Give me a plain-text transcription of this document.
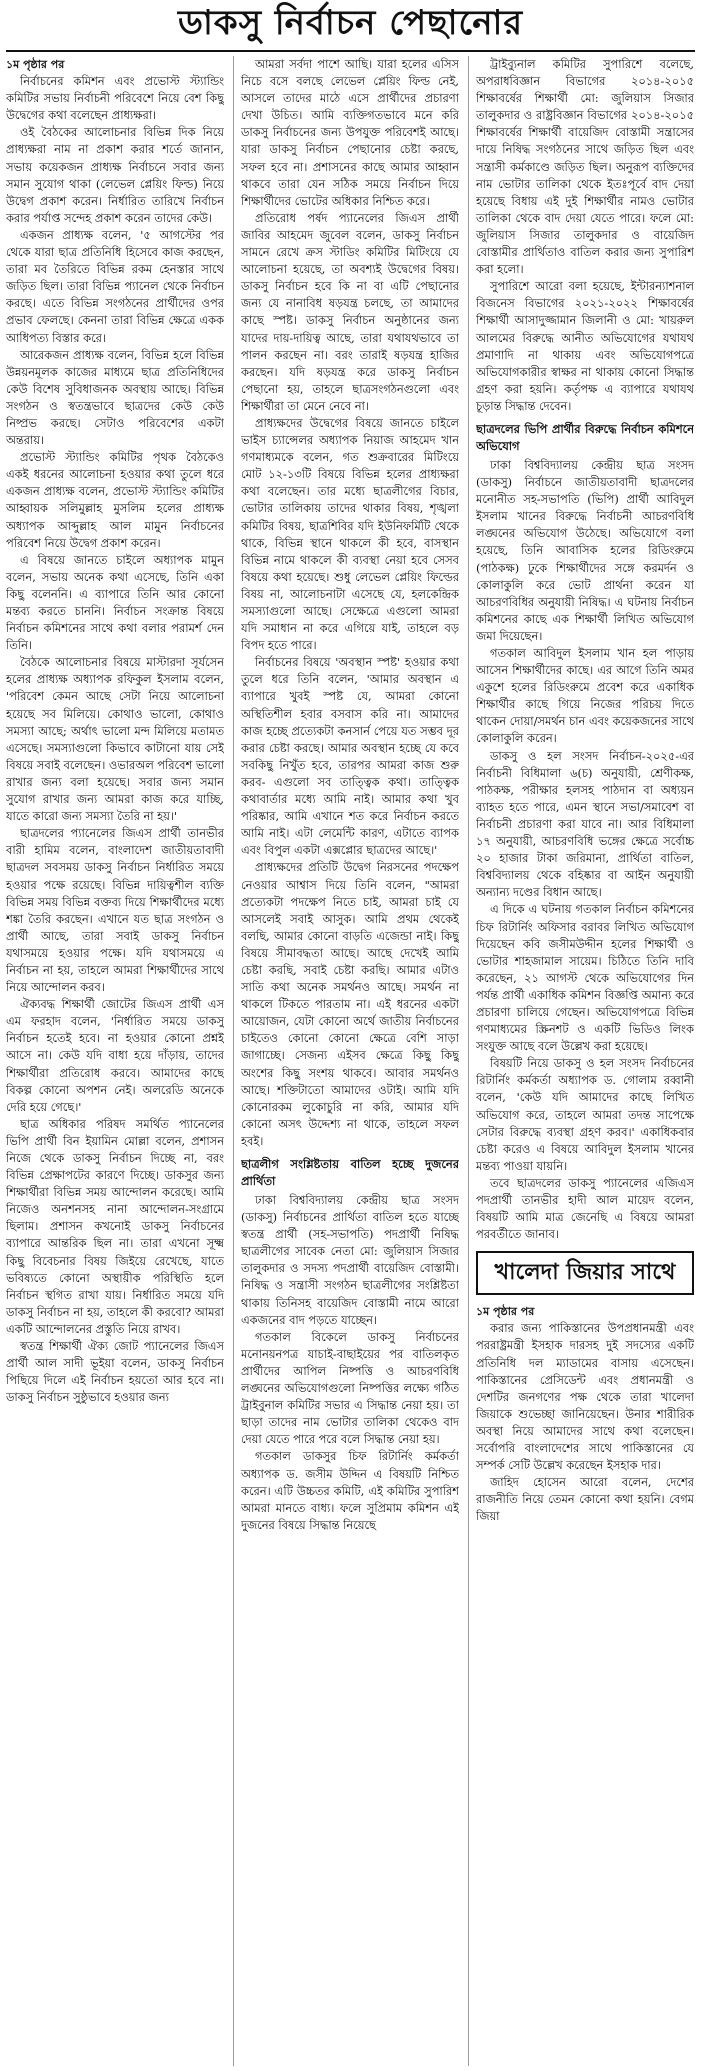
ডাকসু নির্বাচন পেছানোর

১ম পৃষ্ঠার পর

নির্বাচনের কমিশন এবং প্রভোস্ট স্ট্যান্ডিং কমিটির সভায় নির্বাচনী পরিবেশে নিয়ে বেশ কিছু উদ্বেগের কথা বলেছেন প্রাধ্যক্ষরা।

ওই বৈঠকের আলোচনার বিভিন্ন দিক নিয়ে প্রাধ্যক্ষরা নাম না প্রকাশ করার শর্তে জানান, সভায় কয়েকজন প্রাধ্যক্ষ নির্বাচনে সবার জন্য সমান সুযোগ থাকা (লেভেল প্লেয়িং ফিল্ড) নিয়ে উদ্বেগ প্রকাশ করেন। নির্ধারিত তারিখে নির্বাচন করার পর্যাপ্ত সন্দেহ প্রকাশ করেন তাদের কেউ।

একজন প্রাধ্যক্ষ বলেন, '৫ আগস্টের পর থেকে যারা ছাত্র প্রতিনিধি হিসেবে কাজ করছেন, তারা মব তৈরিতে বিভিন্ন রকম হেনস্তার সাথে জড়িত ছিল। তারা বিভিন্ন প্যানেল থেকে নির্বাচন করছে। এতে বিভিন্ন সংগঠনের প্রার্থীদের ওপর প্রভাব ফেলছে। কেননা তারা বিভিন্ন ক্ষেত্রে একক আধিপত্য বিস্তার করে।

আরেকজন প্রাধ্যক্ষ বলেন, বিভিন্ন হলে বিভিন্ন উন্নয়নমূলক কাজের মাধ্যমে ছাত্র প্রতিনিধিদের কেউ বিশেষ সুবিধাজনক অবস্থায় আছে। বিভিন্ন সংগঠন ও স্বতন্ত্রভাবে ছাত্রদের কেউ কেউ নিষ্প্রভ করছে। সেটাও পরিবেশের একটা অন্তরায়।

প্রভোস্ট স্ট্যান্ডিং কমিটির পৃথক বৈঠকেও একই ধরনের আলোচনা হওয়ার কথা তুলে ধরে একজন প্রাধ্যক্ষ বলেন, প্রভোস্ট স্ট্যান্ডিং কমিটির আহ্বায়ক সলিমুল্লাহ মুসলিম হলের প্রাধ্যক্ষ অধ্যাপক আব্দুল্লাহ আল মামুন নির্বাচনের পরিবেশ নিয়ে উদ্বেগ প্রকাশ করেন।

এ বিষয়ে জানতে চাইলে অধ্যাপক মামুন বলেন, সভায় অনেক কথা এসেছে, তিনি একা কিছু বলেননি। এ ব্যাপারে তিনি আর কোনো মন্তব্য করতে চাননি। নির্বাচন সংক্রান্ত বিষয়ে নির্বাচন কমিশনের সাথে কথা বলার পরামর্শ দেন তিনি।

বৈঠকে আলোচনার বিষয়ে মাস্টারদা সূর্যসেন হলের প্রাধ্যক্ষ অধ্যাপক রফিকুল ইসলাম বলেন, 'পরিবেশ কেমন আছে সেটা নিয়ে আলোচনা হয়েছে সব মিলিয়ে। কোথাও ভালো, কোথাও সমস্যা আছে; অর্থাৎ ভালো মন্দ মিলিয়ে মতামত এসেছে। সমস্যাগুলো কিভাবে কাটানো যায় সেই বিষয়ে সবাই বলেছেন। ওভারঅল পরিবেশ ভালো রাখার জন্য বলা হয়েছে। সবার জন্য সমান সুযোগ রাখার জন্য আমরা কাজ করে যাচ্ছি, যাতে কারো জন্য সমস্যা তৈরি না হয়।'

ছাত্রদলের প্যানেলের জিএস প্রার্থী তানভীর বারী হামিম বলেন, বাংলাদেশ জাতীয়তাবাদী ছাত্রদল সবসময় ডাকসু নির্বাচন নির্ধারিত সময়ে হওয়ার পক্ষে রয়েছে। বিভিন্ন দায়িত্বশীল ব্যক্তি বিভিন্ন সময় বিভিন্ন বক্তব্য দিয়ে শিক্ষার্থীদের মধ্যে শঙ্কা তৈরি করছেন। এখানে যত ছাত্র সংগঠন ও প্রার্থী আছে, তারা সবাই ডাকসু নির্বাচন যথাসময়ে হওয়ার পক্ষে। যদি যথাসময়ে এ নির্বাচন না হয়, তাহলে আমরা শিক্ষার্থীদের সাথে নিয়ে আন্দোলন করব।

ঐক্যবদ্ধ শিক্ষার্থী জোটের জিএস প্রার্থী এস এম ফরহাদ বলেন, 'নির্ধারিত সময়ে ডাকসু নির্বাচন হতেই হবে। না হওয়ার কোনো প্রশ্নই আসে না। কেউ যদি বাধা হয়ে দাঁড়ায়, তাদের শিক্ষার্থীরা প্রতিরোধ করবে। আমাদের কাছে বিকল্প কোনো অপশন নেই। অলরেডি অনেকে দেরি হয়ে গেছে।'

ছাত্র অধিকার পরিষদ সমর্থিত প্যানেলের ভিপি প্রার্থী বিন ইয়ামিন মোল্লা বলেন, প্রশাসন নিজে থেকে ডাকসু নির্বাচন দিচ্ছে না, বরং বিভিন্ন প্রেক্ষাপটের কারণে দিচ্ছে। ডাকসুর জন্য শিক্ষার্থীরা বিভিন্ন সময় আন্দোলন করেছে। আমি নিজেও অনশনসহ নানা আন্দোলন-সংগ্রামে ছিলাম। প্রশাসন কখনোই ডাকসু নির্বাচনের ব্যাপারে আন্তরিক ছিল না। তারা এখনো সূক্ষ্ম কিছু বিবেচনার বিষয় জিইয়ে রেখেছে, যাতে ভবিষ্যতে কোনো অস্থায়ীক পরিস্থিতি হলে নির্বাচন স্থগিত রাখা যায়। নির্ধারিত সময়ে যদি ডাকসু নির্বাচন না হয়, তাহলে কী করবো? আমরা একটি আন্দোলনের প্রস্তুতি নিয়ে রাখব।

স্বতন্ত্র শিক্ষার্থী ঐক্য জোট প্যানেলের জিএস প্রার্থী আল সাদী ভূইয়া বলেন, ডাকসু নির্বাচন পিছিয়ে দিলে এই নির্বাচন হয়তো আর হবে না। ডাকসু নির্বাচন সুষ্ঠুভাবে হওয়ার জন্য

আমরা সর্বদা পাশে আছি। যারা হলের এসিস নিচে বসে বলছে লেভেল প্লেয়িং ফিল্ড নেই, আসলে তাদের মাঠে এসে প্রার্থীদের প্রচারণা দেখা উচিত। আমি ব্যক্তিগতভাবে মনে করি ডাকসু নির্বাচনের জন্য উপযুক্ত পরিবেশই আছে। যারা ডাকসু নির্বাচন পেছানোর চেষ্টা করছে, সফল হবে না। প্রশাসনের কাছে আমার আহ্বান থাকবে তারা যেন সঠিক সময়ে নির্বাচন দিয়ে শিক্ষার্থীদের ভোটের অধিকার নিশ্চিত করে।

প্রতিরোধ পর্ষদ প্যানেলের জিএস প্রার্থী জাবির আহমেদ জুবেল বলেন, ডাকসু নির্বাচন সামনে রেখে ক্রস স্টাডিং কমিটির মিটিংয়ে যে আলোচনা হয়েছে, তা অবশ্যই উদ্বেগের বিষয়। ডাকসু নির্বাচন হবে কি না বা এটি পেছানোর জন্য যে নানাবিধ ষড়যন্ত্র চলছে, তা আমাদের কাছে স্পষ্ট। ডাকসু নির্বাচন অনুষ্ঠানের জন্য যাদের দায়-দায়িত্ব আছে, তারা যথাযথভাবে তা পালন করছেন না। বরং তারাই ষড়যন্ত্র হাজির করছেন। যদি ষড়যন্ত্র করে ডাকসু নির্বাচন পেছানো হয়, তাহলে ছাত্রসংগঠনগুলো এবং শিক্ষার্থীরা তা মেনে নেবে না।

প্রাধ্যক্ষদের উদ্বেগের বিষয়ে জানতে চাইলে ভাইস চ্যান্সেলর অধ্যাপক নিয়াজ আহমেদ খান গণমাধ্যমকে বলেন, গত শুক্রবারের মিটিংয়ে মোট ১২-১৩টি বিষয়ে বিভিন্ন হলের প্রাধ্যক্ষরা কথা বলেছেন। তার মধ্যে ছাত্রলীগের বিচার, ভোটার তালিকায় তাদের থাকার বিষয়, শৃঙ্খলা কমিটির বিষয়, ছাত্রশিবির যদি ইউনিফর্মিটি থেকে থাকে, বিভিন্ন স্থানে থাকলে কী হবে, বাসস্থান বিভিন্ন নামে থাকলে কী ব্যবস্থা নেয়া হবে সেসব বিষয়ে কথা হয়েছে। শুধু লেভেল প্লেয়িং ফিল্ডের বিষয় না, আলোচনাটা এসেছে যে, হলকেন্দ্রিক সমস্যাগুলো আছে। সেক্ষেত্রে এগুলো আমরা যদি সমাধান না করে এগিয়ে যাই, তাহলে বড় বিপদ হতে পারে।

নির্বাচনের বিষয়ে 'অবস্থান স্পষ্ট' হওয়ার কথা তুলে ধরে তিনি বলেন, 'আমার অবস্থান এ ব্যাপারে খুবই স্পষ্ট যে, আমরা কোনো অস্থিতিশীল হবার বসবাস করি না। আমাদের কাজ হচ্ছে প্রত্যেকটা কনসার্ন পেয়ে যত সম্ভব দূর করার চেষ্টা করছে। আমার অবস্থান হচ্ছে যে কবে সবকিছু নিখুঁত হবে, তারপর আমরা কাজ শুরু করব- এগুলো সব তাত্ত্বিক কথা। তাত্ত্বিক কথাবার্তার মধ্যে আমি নাই। আমার কথা খুব পরিষ্কার, আমি এখানে শত করে নির্বাচন করতে আমি নাই। এটা লেমেন্টি কারণ, এটাতে ব্যাপক এবং বিপুল একটা এক্সপ্লোর ছাত্রদের আছে।'

প্রাধ্যক্ষদের প্রতিটি উদ্বেগ নিরসনের পদক্ষেপ নেওয়ার আশ্বাস দিয়ে তিনি বলেন, "আমরা প্রত্যেকটা পদক্ষেপ নিতে চাই, আমরা চাই যে আসলেই সবাই আসুক। আমি প্রথম থেকেই বলছি, আমার কোনো বাড়তি এজেন্ডা নাই। কিছু বিষয়ে সীমাবদ্ধতা আছে। আছে দেখেই আমি চেষ্টা করছি, সবাই চেষ্টা করছি। আমার এটাও সাতি কথা অনেক সমর্থনও আছে। সমর্থন না থাকলে টিকতে পারতাম না। এই ধরনের একটা আয়োজন, যেটা কোনো অর্থে জাতীয় নির্বাচনের চাইতেও কোনো কোনো ক্ষেত্রে বেশি সাড়া জাগাচ্ছে। সেজন্য এইসব ক্ষেত্রে কিছু কিছু অংশের কিছু সংশয় থাকবে। আবার সমর্থনও আছে। শক্তিটাতো আমাদের ওটাই। আমি যদি কোনোরকম লুকোচুরি না করি, আমার যদি কোনো অসৎ উদ্দেশ্য না থাকে, তাহলে সফল হবই।

ছাত্রলীগ সংশ্লিষ্টতায় বাতিল হচ্ছে দুজনের প্রার্থিতা

ঢাকা বিশ্ববিদ্যালয় কেন্দ্রীয় ছাত্র সংসদ (ডাকসু) নির্বাচনের প্রার্থিতা বাতিল হতে যাচ্ছে স্বতন্ত্র প্রার্থী (সহ-সভাপতি) পদপ্রার্থী নিষিদ্ধ ছাত্রলীগের সাবেক নেতা মো: জুলিয়াস সিজার তালুকদার ও সদস্য পদপ্রার্থী বায়েজিদ বোস্তামী। নিষিদ্ধ ও সন্ত্রাসী সংগঠন ছাত্রলীগের সংশ্লিষ্টতা থাকায় তিনিসহ বায়েজিদ বোস্তামী নামে আরো একজনের বাদ পড়তে যাচ্ছেন।

গতকাল বিকেলে ডাকসু নির্বাচনের মনোনয়নপত্র যাচাই-বাছাইয়ের পর বাতিলকৃত প্রার্থীদের আপিল নিষ্পত্তি ও আচরণবিধি লঙ্ঘনের অভিযোগগুলো নিষ্পত্তির লক্ষ্যে গঠিত ট্রাইবুনাল কমিটির সভার এ সিদ্ধান্ত নেয়া হয়। তা ছাড়া তাদের নাম ভোটার তালিকা থেকেও বাদ দেয়া যেতে পারে পরে বলে সিদ্ধান্ত নেয়া হয়।

গতকাল ডাকসুর চিফ রিটার্নিং কর্মকর্তা অধ্যাপক ড. জসীম উদ্দিন এ বিষয়টি নিশ্চিত করেন। এটি উচ্চতর কমিটি, এই কমিটির সুপারিশ আমরা মানতে বাধ্য। ফলে সুপ্রিমাম কমিশন এই দুজনের বিষয়ে সিদ্ধান্ত নিয়েছে

ট্রাইব্যুনাল কমিটির সুপারিশে বলেছে, অপরাধবিজ্ঞান বিভাগের ২০১৪-২০১৫ শিক্ষাবর্ষের শিক্ষার্থী মো: জুলিয়াস সিজার তালুকদার ও রাষ্ট্রবিজ্ঞান বিভাগের ২০১৪-২০১৫ শিক্ষাবর্ষের শিক্ষার্থী বায়েজিদ বোস্তামী সন্ত্রাসের দায়ে নিষিদ্ধ সংগঠনের সাথে জড়িত ছিল এবং সন্ত্রাসী কর্মকাণ্ডে জড়িত ছিল। অনুরূপ ব্যক্তিদের নাম ভোটার তালিকা থেকে ইতঃপূর্বে বাদ দেয়া হয়েছে বিধায় এই দুই শিক্ষার্থীর নামও ভোটার তালিকা থেকে বাদ দেয়া যেতে পারে। ফলে মো: জুলিয়াস সিজার তালুকদার ও বায়েজিদ বোস্তামীর প্রার্থিতাও বাতিল করার জন্য সুপারিশ করা হলো।

সুপারিশে আরো বলা হয়েছে, ইন্টারন্যাশনাল বিজনেস বিভাগের ২০২১-২০২২ শিক্ষাবর্ষের শিক্ষার্থী আসাদুজ্জামান জিলানী ও মো: খায়রুল আলমের বিরুদ্ধে আনীত অভিযোগের যথাযথ প্রমাণাদি না থাকায় এবং অভিযোগপত্রে অভিযোগকারীর স্বাক্ষর না থাকায় কোনো সিদ্ধান্ত গ্রহণ করা হয়নি। কর্তৃপক্ষ এ ব্যাপারে যথাযথ চূড়ান্ত সিদ্ধান্ত দেবেন।

ছাত্রদলের ভিপি প্রার্থীর বিরুদ্ধে নির্বাচন কমিশনে অভিযোগ

ঢাকা বিশ্ববিদ্যালয় কেন্দ্রীয় ছাত্র সংসদ (ডাকসু) নির্বাচনে জাতীয়তাবাদী ছাত্রদলের মনোনীত সহ-সভাপতি (ভিপি) প্রার্থী আবিদুল ইসলাম খানের বিরুদ্ধে নির্বাচনী আচরণবিধি লঙ্ঘনের অভিযোগ উঠেছে। অভিযোগে বলা হয়েছে, তিনি আবাসিক হলের রিডিংরুমে (পাঠকক্ষ) ঢুকে শিক্ষার্থীদের সঙ্গে করমর্দন ও কোলাকুলি করে ভোট প্রার্থনা করেন যা আচরণবিধির অনুযায়ী নিষিদ্ধ। এ ঘটনায় নির্বাচন কমিশনের কাছে এক শিক্ষার্থী লিখিত অভিযোগ জমা দিয়েছেন।

গতকাল আবিদুল ইসলাম খান হল পাড়ায় আসেন শিক্ষার্থীদের কাছে। এর আগে তিনি অমর একুশে হলের রিডিংরুমে প্রবেশ করে একাধিক শিক্ষার্থীর কাছে গিয়ে নিজের পরিচয় দিতে থাকেন দোয়া/সমর্থন চান এবং কয়েকজনের সাথে কোলাকুলি করেন।

ডাকসু ও হল সংসদ নির্বাচন-২০২৫-এর নির্বাচনী বিধিমালা ৬(চ) অনুযায়ী, শ্রেণীকক্ষ, পাঠকক্ষ, পরীক্ষার হলসহ পাঠদান বা অধ্যয়ন ব্যাহত হতে পারে, এমন স্থানে সভা/সমাবেশ বা নির্বাচনী প্রচারণা করা যাবে না। আর বিধিমালা ১৭ অনুযায়ী, আচরণবিধি ভঙ্গের ক্ষেত্রে সর্বোচ্চ ২০ হাজার টাকা জরিমানা, প্রার্থিতা বাতিল, বিশ্ববিদ্যালয় থেকে বহিষ্কার বা আইন অনুযায়ী অন্যান্য দণ্ডের বিধান আছে।

এ দিকে এ ঘটনায় গতকাল নির্বাচন কমিশনের চিফ রিটার্নিং অফিসার বরাবর লিখিত অভিযোগ দিয়েছেন কবি জসীমউদ্দীন হলের শিক্ষার্থী ও ভোটার শাহজামাল সায়েম। চিঠিতে তিনি দাবি করেছেন, ২১ আগস্ট থেকে অভিযোগের দিন পর্যন্ত প্রার্থী একাধিক কমিশন বিজ্ঞপ্তি অমান্য করে প্রচারণা চালিয়ে গেছেন। অভিযোগপত্রে বিভিন্ন গণমাধ্যমের স্ক্রিনশট ও একটি ভিডিও লিংক সংযুক্ত আছে বলে উল্লেখ করা হয়েছে।

বিষয়টি নিয়ে ডাকসু ও হল সংসদ নির্বাচনের রিটার্নিং কর্মকর্তা অধ্যাপক ড. গোলাম রব্বানী বলেন, 'কেউ যদি আমাদের কাছে লিখিত অভিযোগ করে, তাহলে আমরা তদন্ত সাপেক্ষে সেটার বিরুদ্ধে ব্যবস্থা গ্রহণ করব।' একাধিকবার চেষ্টা করেও এ বিষয়ে আবিদুল ইসলাম খানের মন্তব্য পাওয়া যায়নি।

তবে ছাত্রদলের ডাকসু প্যানেলের এজিএস পদপ্রার্থী তানভীর হাদী আল মায়েদ বলেন, বিষয়টি আমি মাত্র জেনেছি এ বিষয়ে আমরা পরবর্তীতে জানাব।

খালেদা জিয়ার সাথে

১ম পৃষ্ঠার পর

করার জন্য পাকিস্তানের উপপ্রধানমন্ত্রী এবং পররাষ্ট্রমন্ত্রী ইসহাক দারসহ দুই সদস্যের একটি প্রতিনিধি দল ম্যাডামের বাসায় এসেছেন। পাকিস্তানের প্রেসিডেন্ট এবং প্রধানমন্ত্রী ও দেশটির জনগণের পক্ষ থেকে তারা খালেদা জিয়াকে শুভেচ্ছা জানিয়েছেন। উনার শারীরিক অবস্থা নিয়ে আমাদের সাথে কথা বলেছেন। সর্বোপরি বাংলাদেশের সাথে পাকিস্তানের যে সম্পর্ক সেটি উল্লেখ করেছেন ইসহাক দার।

জাহিদ হোসেন আরো বলেন, দেশের রাজনীতি নিয়ে তেমন কোনো কথা হয়নি। বেগম জিয়া
